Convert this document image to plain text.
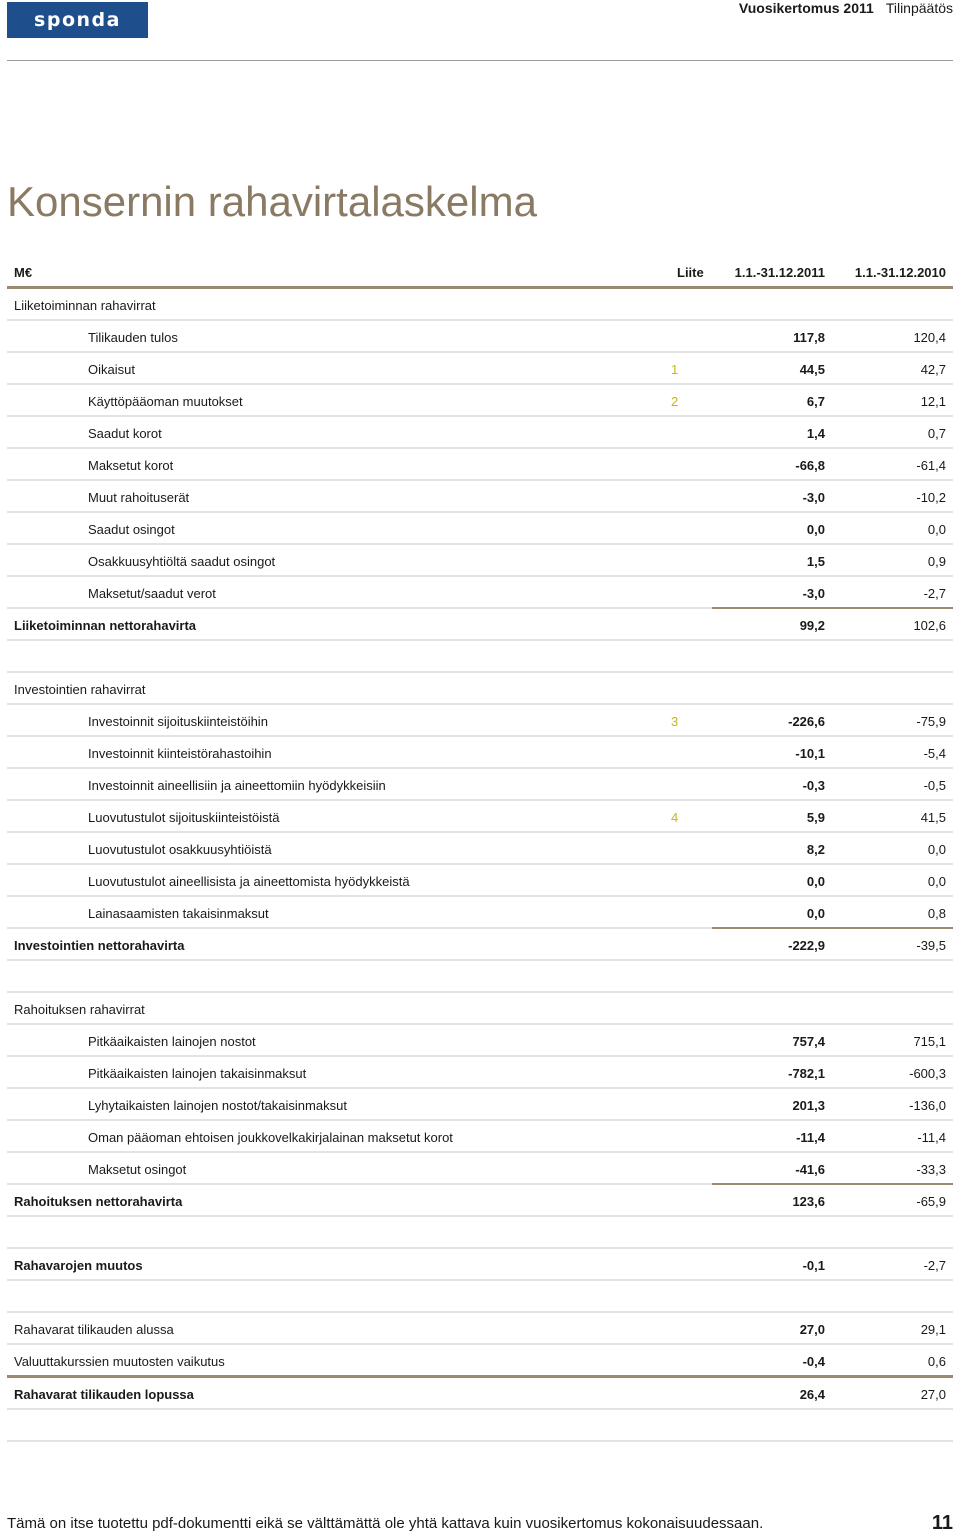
sponda
Vuosikertomus 2011 Tilinpäätös
Konsernin rahavirtalaskelma
M€	Liite 1.1.-31.12.2011 1.1.-31.12.2010
Liiketoiminnan rahavirrat
Tilikauden tulos	117,8	120,4
Oikaisut	1	44,5	42,7
Käyttöpääoman muutokset	2	6,7	12,1
Saadut korot	1,4	0,7
Maksetut korot	-66,8	-61,4
Muut rahoituserät	-3,0	-10,2
Saadut osingot	0,0	0,0
Osakkuusyhtiöltä saadut osingot	1,5	0,9
Maksetut/saadut verot	-3,0	-2,7
Liiketoiminnan nettorahavirta	99,2	102,6
Investointien rahavirrat
Investoinnit sijoituskiinteistöihin	3	-226,6	-75,9
Investoinnit kiinteistörahastoihin	-10,1	-5,4
Investoinnit aineellisiin ja aineettomiin hyödykkeisiin	-0,3	-0,5
Luovutustulot sijoituskiinteistöistä	4	5,9	41,5
Luovutustulot osakkuusyhtiöistä	8,2	0,0
Luovutustulot aineellisista ja aineettomista hyödykkeistä	0,0	0,0
Lainasaamisten takaisinmaksut	0,0	0,8
Investointien nettorahavirta	-222,9	-39,5
Rahoituksen rahavirrat
Pitkäaikaisten lainojen nostot	757,4	715,1
Pitkäaikaisten lainojen takaisinmaksut	-782,1	-600,3
Lyhytaikaisten lainojen nostot/takaisinmaksut	201,3	-136,0
Oman pääoman ehtoisen joukkovelkakirjalainan maksetut korot	-11,4	-11,4
Maksetut osingot	-41,6	-33,3
Rahoituksen nettorahavirta	123,6	-65,9
Rahavarojen muutos	-0,1	-2,7
Rahavarat tilikauden alussa	27,0	29,1
Valuuttakurssien muutosten vaikutus	-0,4	0,6
Rahavarat tilikauden lopussa	26,4	27,0
Tämä on itse tuotettu pdf-dokumentti eikä se välttämättä ole yhtä kattava kuin vuosikertomus kokonaisuudessaan.	11
